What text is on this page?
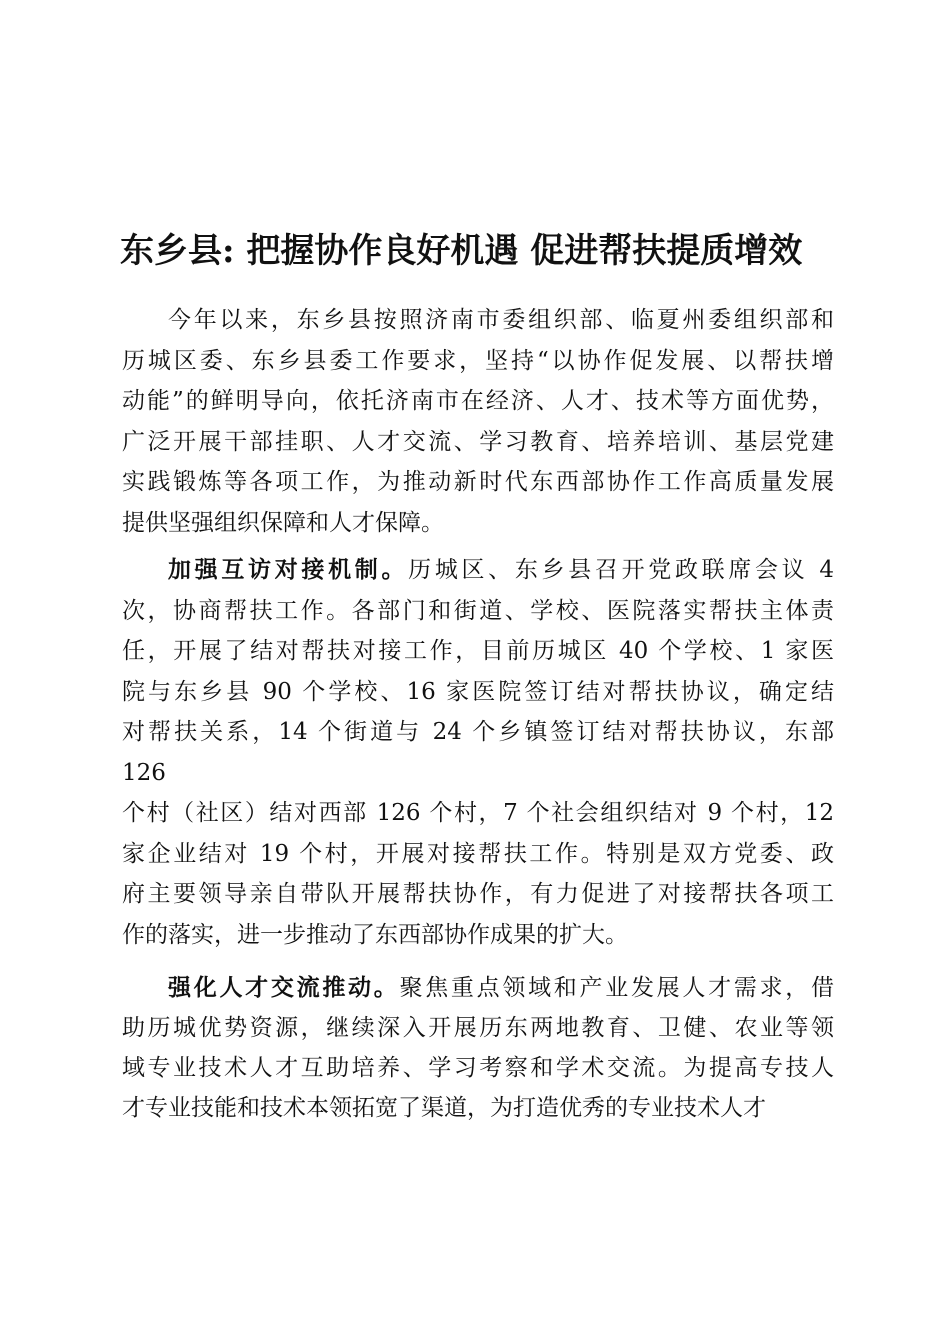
东乡县: 把握协作良好机遇 促进帮扶提质增效
今年以来，东乡县按照济南市委组织部、临夏州委组织部和
历城区委、东乡县委工作要求，坚持“以协作促发展、以帮扶增
动能”的鲜明导向，依托济南市在经济、人才、技术等方面优势，
广泛开展干部挂职、人才交流、学习教育、培养培训、基层党建
实践锻炼等各项工作，为推动新时代东西部协作工作高质量发展
提供坚强组织保障和人才保障。
加强互访对接机制。历城区、东乡县召开党政联席会议 4
次，协商帮扶工作。各部门和街道、学校、医院落实帮扶主体责
任，开展了结对帮扶对接工作，目前历城区 40 个学校、1 家医
院与东乡县 90 个学校、16 家医院签订结对帮扶协议，确定结
对帮扶关系，14 个街道与 24 个乡镇签订结对帮扶协议，东部
126
个村（社区）结对西部 126 个村，7 个社会组织结对 9 个村，12
家企业结对 19 个村，开展对接帮扶工作。特别是双方党委、政
府主要领导亲自带队开展帮扶协作，有力促进了对接帮扶各项工
作的落实，进一步推动了东西部协作成果的扩大。
强化人才交流推动。聚焦重点领域和产业发展人才需求，借
助历城优势资源，继续深入开展历东两地教育、卫健、农业等领
域专业技术人才互助培养、学习考察和学术交流。为提高专技人
才专业技能和技术本领拓宽了渠道，为打造优秀的专业技术人才
